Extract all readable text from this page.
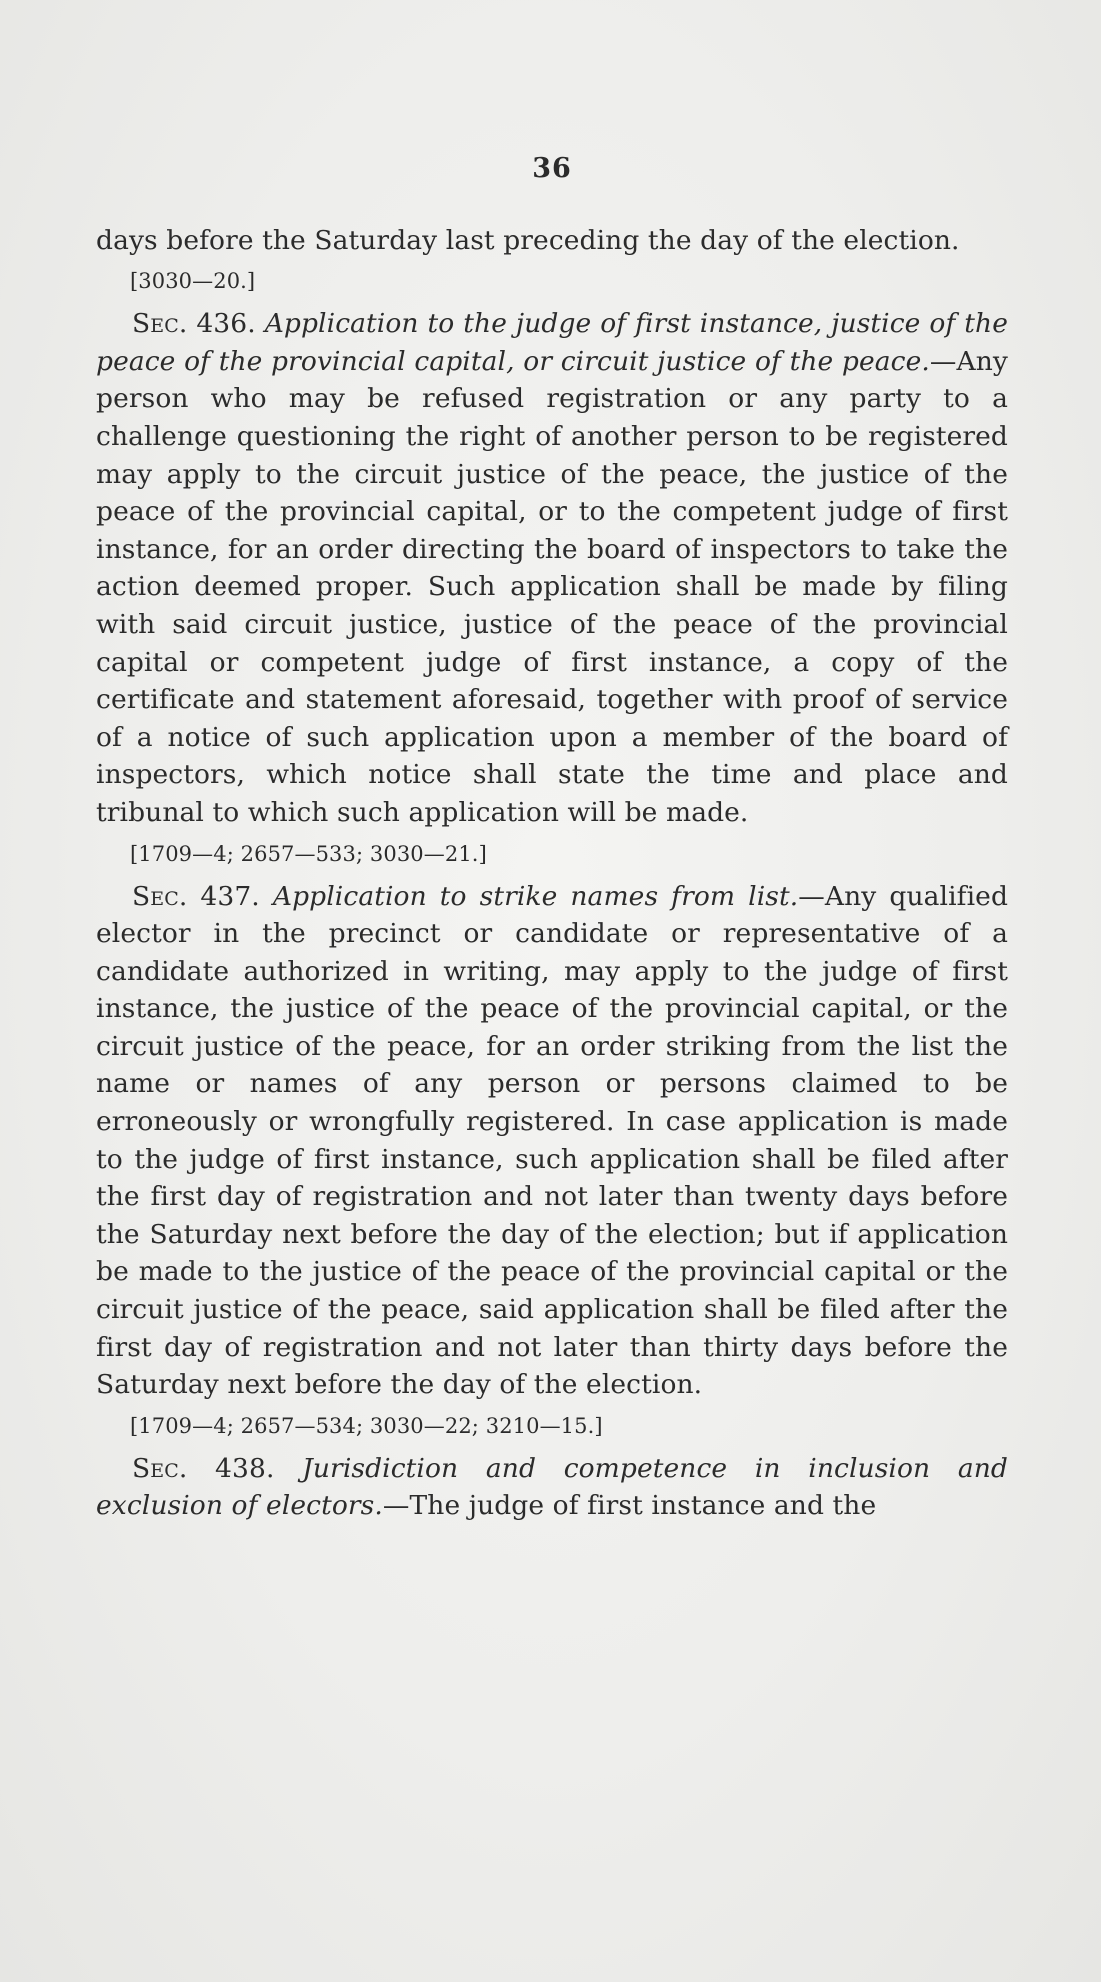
36

days before the Saturday last preceding the day of the election.

[3030—20.]

Sec. 436. Application to the judge of first instance, justice of the peace of the provincial capital, or circuit justice of the peace.—Any person who may be refused registration or any party to a challenge questioning the right of another person to be registered may apply to the circuit justice of the peace, the justice of the peace of the provincial capital, or to the competent judge of first instance, for an order directing the board of inspectors to take the action deemed proper. Such application shall be made by filing with said circuit justice, justice of the peace of the provincial capital or competent judge of first instance, a copy of the certificate and statement aforesaid, together with proof of service of a notice of such application upon a member of the board of inspectors, which notice shall state the time and place and tribunal to which such application will be made.

[1709—4; 2657—533; 3030—21.]

Sec. 437. Application to strike names from list.—Any qualified elector in the precinct or candidate or representative of a candidate authorized in writing, may apply to the judge of first instance, the justice of the peace of the provincial capital, or the circuit justice of the peace, for an order striking from the list the name or names of any person or persons claimed to be erroneously or wrongfully registered. In case application is made to the judge of first instance, such application shall be filed after the first day of registration and not later than twenty days before the Saturday next before the day of the election; but if application be made to the justice of the peace of the provincial capital or the circuit justice of the peace, said application shall be filed after the first day of registration and not later than thirty days before the Saturday next before the day of the election.

[1709—4; 2657—534; 3030—22; 3210—15.]

Sec. 438. Jurisdiction and competence in inclusion and exclusion of electors.—The judge of first instance and the
